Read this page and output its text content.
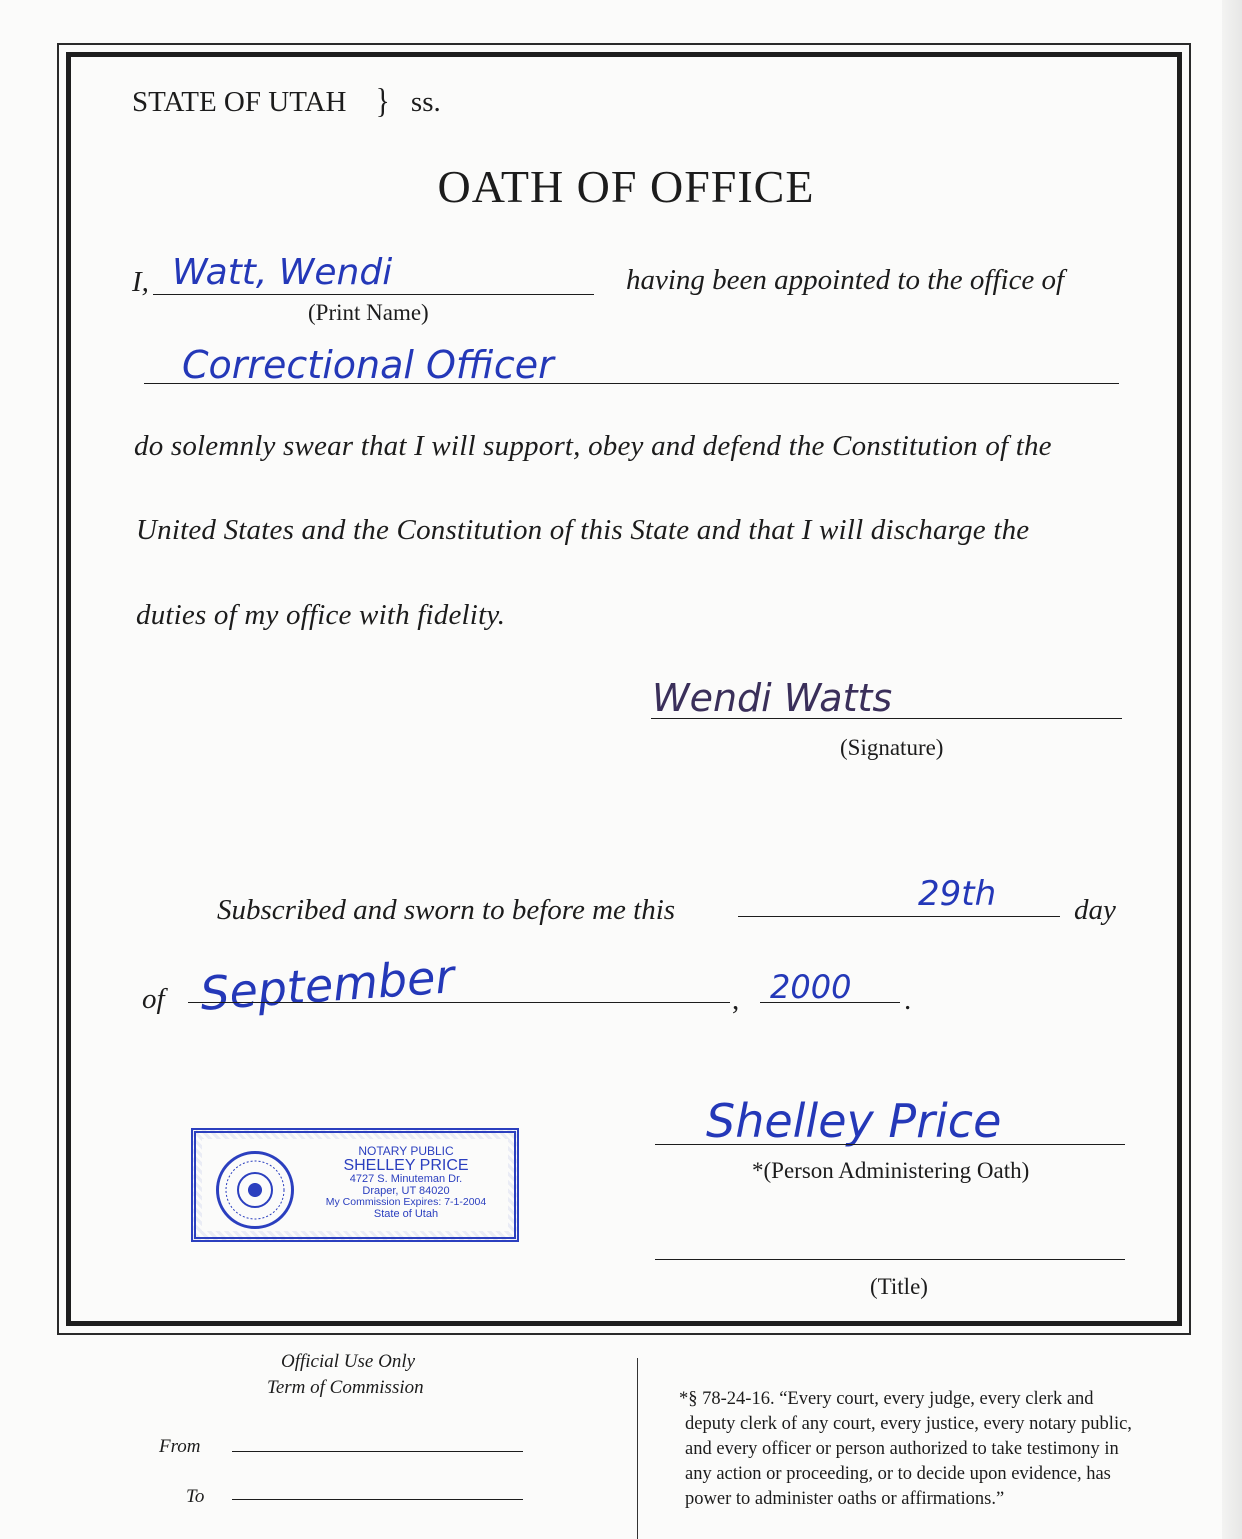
STATE OF UTAH } ss.
OATH OF OFFICE
I, Watt, Wendi
(Print Name)
having been appointed to the office of
Correctional Officer
do solemnly swear that I will support, obey and defend the Constitution of the
United States and the Constitution of this State and that I will discharge the
duties of my office with fidelity.
Wendi Watts
(Signature)
Subscribed and sworn to before me this	29th	day
of September	, 2000 .
NOTARY PUBLIC
SHELLEY PRICE
4727 S. Minuteman Dr.
Draper, UT 84020
My Commission Expires: 7-1-2004
State of Utah
Shelley Price
*(Person Administering Oath)
(Title)
Official Use Only
Term of Commission
From
To
*§ 78-24-16. “Every court, every judge, every clerk and
deputy clerk of any court, every justice, every notary public,
and every officer or person authorized to take testimony in
any action or proceeding, or to decide upon evidence, has
power to administer oaths or affirmations.”
